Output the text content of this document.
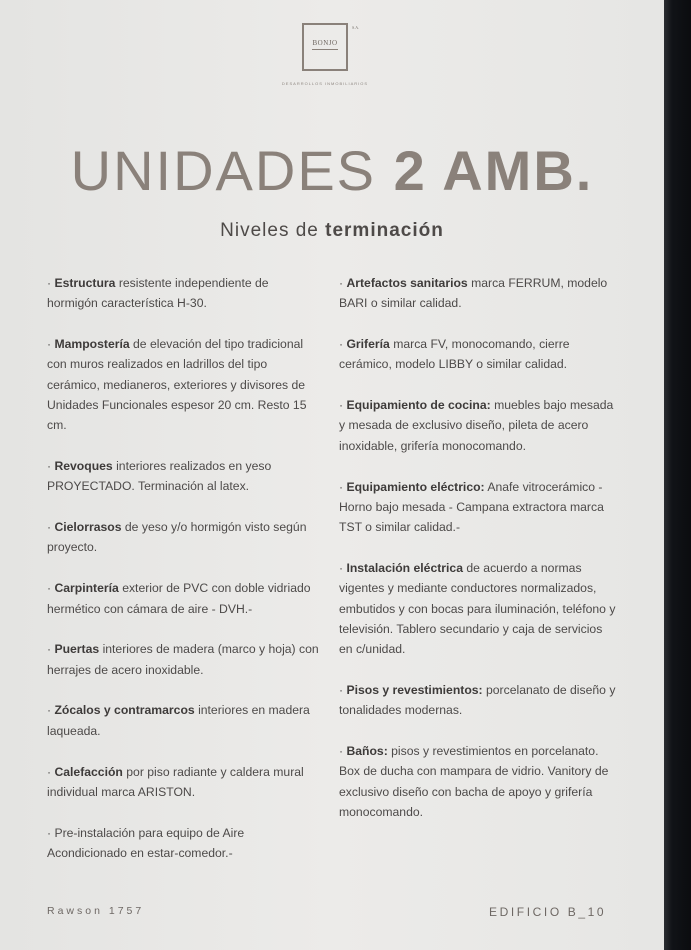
BONJO
S.A.
DESARROLLOS INMOBILIARIOS
UNIDADES 2 AMB.
Niveles de terminación

· Estructura resistente independiente de hormigón característica H-30.

· Mampostería de elevación del tipo tradicional con muros realizados en ladrillos del tipo cerámico, medianeros, exteriores y divisores de Unidades Funcionales espesor 20 cm. Resto 15 cm.

· Revoques interiores realizados en yeso PROYECTADO. Terminación al latex.

· Cielorrasos de yeso y/o hormigón visto según proyecto.

· Carpintería exterior de PVC con doble vidriado hermético con cámara de aire - DVH.-

· Puertas interiores de madera (marco y hoja) con herrajes de acero inoxidable.

· Zócalos y contramarcos interiores en madera laqueada.

· Calefacción por piso radiante y caldera mural individual marca ARISTON.

· Pre-instalación para equipo de Aire Acondicionado en estar-comedor.-

· Artefactos sanitarios marca FERRUM, modelo BARI o similar calidad.

· Grifería marca FV, monocomando, cierre cerámico, modelo LIBBY o similar calidad.

· Equipamiento de cocina: muebles bajo mesada y mesada de exclusivo diseño, pileta de acero inoxidable, grifería monocomando.

· Equipamiento eléctrico: Anafe vitrocerámico - Horno bajo mesada - Campana extractora marca TST o similar calidad.-

· Instalación eléctrica de acuerdo a normas vigentes y mediante conductores normalizados, embutidos y con bocas para iluminación, teléfono y televisión. Tablero secundario y caja de servicios en c/unidad.

· Pisos y revestimientos: porcelanato de diseño y tonalidades modernas.

· Baños: pisos y revestimientos en porcelanato. Box de ducha con mampara de vidrio. Vanitory de exclusivo diseño con bacha de apoyo y grifería monocomando.

Rawson 1757	EDIFICIO B_10
